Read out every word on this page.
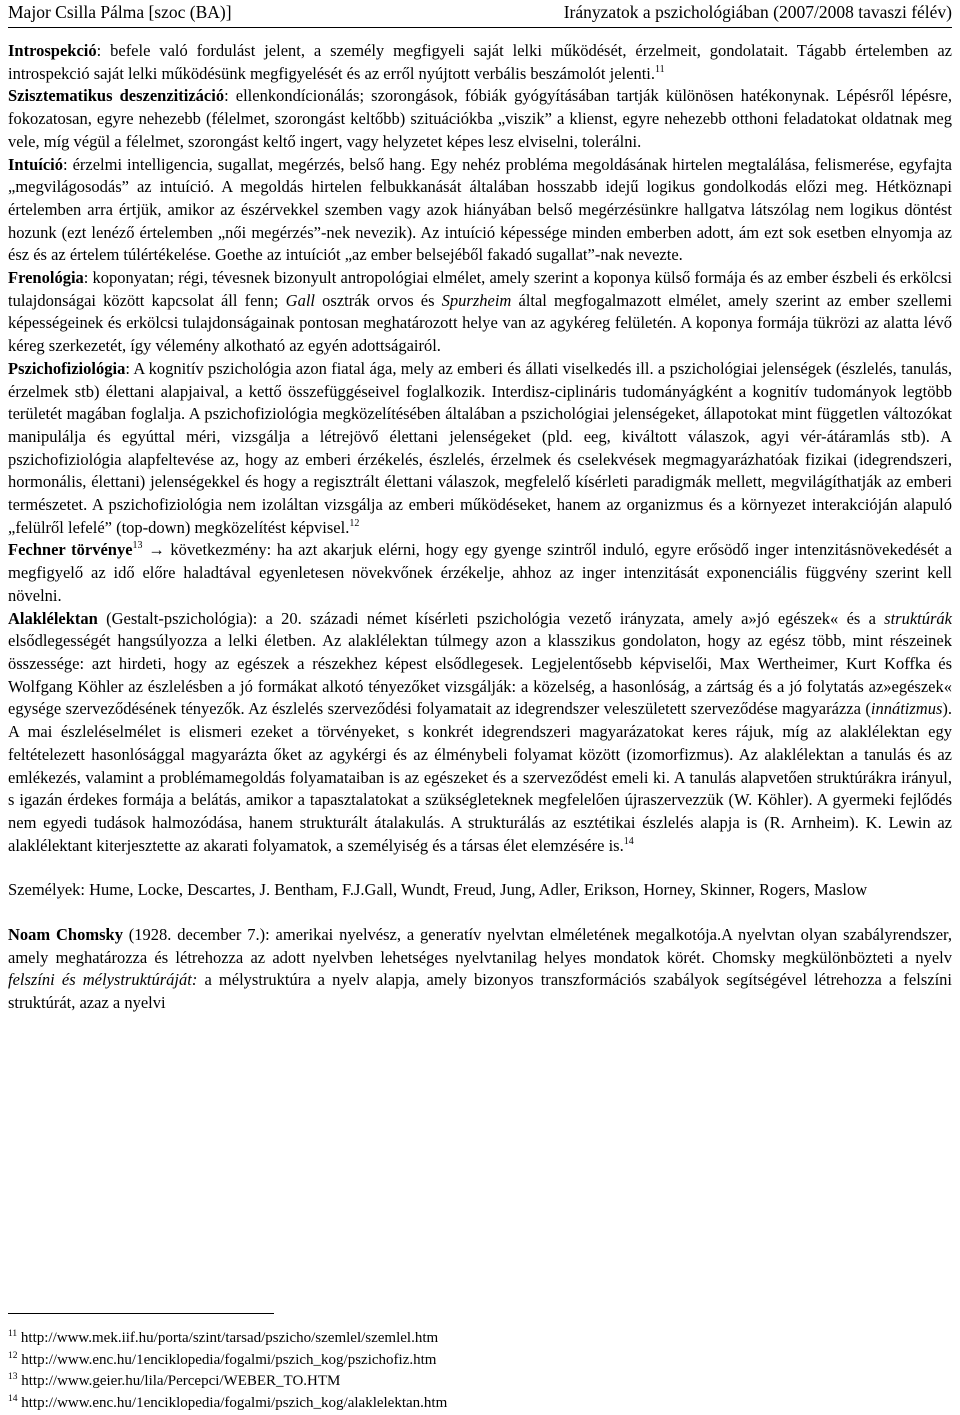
Major Csilla Pálma [szoc (BA)]	Irányzatok a pszichológiában (2007/2008 tavaszi félév)

Introspekció: befele való fordulást jelent, a személy megfigyeli saját lelki működését, érzelmeit, gondolatait. Tágabb értelemben az introspekció saját lelki működésünk megfigyelését és az erről nyújtott verbális beszámolót jelenti.$^{11}$

Szisztematikus deszenzitizáció: ellenkondícionálás; szorongások, fóbiák gyógyításában tartják különösen hatékonynak. Lépésről lépésre, fokozatosan, egyre nehezebb (félelmet, szorongást keltőbb) szituációkba „viszik” a klienst, egyre nehezebb otthoni feladatokat oldatnak meg vele, míg végül a félelmet, szorongást keltő ingert, vagy helyzetet képes lesz elviselni, tolerálni.

Intuíció: érzelmi intelligencia, sugallat, megérzés, belső hang. Egy nehéz probléma megoldásának hirtelen megtalálása, felismerése, egyfajta „megvilágosodás” az intuíció. A megoldás hirtelen felbukkanását általában hosszabb idejű logikus gondolkodás előzi meg. Hétköznapi értelemben arra értjük, amikor az észérvekkel szemben vagy azok hiányában belső megérzésünkre hallgatva látszólag nem logikus döntést hozunk (ezt lenéző értelemben „női megérzés”-nek nevezik). Az intuíció képessége minden emberben adott, ám ezt sok esetben elnyomja az ész és az értelem túlértékelése. Goethe az intuíciót „az ember belsejéből fakadó sugallat”-nak nevezte.

Frenológia: koponyatan; régi, tévesnek bizonyult antropológiai elmélet, amely szerint a koponya külső formája és az ember észbeli és erkölcsi tulajdonságai között kapcsolat áll fenn; Gall osztrák orvos és Spurzheim által megfogalmazott elmélet, amely szerint az ember szellemi képességeinek és erkölcsi tulajdonságainak pontosan meghatározott helye van az agykéreg felületén. A koponya formája tükrözi az alatta lévő kéreg szerkezetét, így vélemény alkotható az egyén adottságairól.

Pszichofiziológia: A kognitív pszichológia azon fiatal ága, mely az emberi és állati viselkedés ill. a pszichológiai jelenségek (észlelés, tanulás, érzelmek stb) élettani alapjaival, a kettő összefüggéseivel foglalkozik. Interdisz-ciplináris tudományágként a kognitív tudományok legtöbb területét magában foglalja. A pszichofiziológia megközelítésében általában a pszichológiai jelenségeket, állapotokat mint független változókat manipulálja és egyúttal méri, vizsgálja a létrejövő élettani jelenségeket (pld. eeg, kiváltott válaszok, agyi vér-átáramlás stb). A pszichofiziológia alapfeltevése az, hogy az emberi érzékelés, észlelés, érzelmek és cselekvések megmagyarázhatóak fizikai (idegrendszeri, hormonális, élettani) jelenségekkel és hogy a regisztrált élettani válaszok, megfelelő kísérleti paradigmák mellett, megvilágíthatják az emberi természetet. A pszichofiziológia nem izoláltan vizsgálja az emberi működéseket, hanem az organizmus és a környezet interakcióján alapuló „felülről lefelé” (top-down) megközelítést képvisel.$^{12}$

Fechner törvénye$^{13}$ → következmény: ha azt akarjuk elérni, hogy egy gyenge szintről induló, egyre erősödő inger intenzitásnövekedését a megfigyelő az idő előre haladtával egyenletesen növekvőnek érzékelje, ahhoz az inger intenzitását exponenciális függvény szerint kell növelni.

Alaklélektan (Gestalt-pszichológia): a 20. századi német kísérleti pszichológia vezető irányzata, amely a»jó egészek« és a struktúrák elsődlegességét hangsúlyozza a lelki életben. Az alaklélektan túlmegy azon a klasszikus gondolaton, hogy az egész több, mint részeinek összessége: azt hirdeti, hogy az egészek a részekhez képest elsődlegesek. Legjelentősebb képviselői, Max Wertheimer, Kurt Koffka és Wolfgang Köhler az észlelésben a jó formákat alkotó tényezőket vizsgálják: a közelség, a hasonlóság, a zártság és a jó folytatás az»egészek« egysége szerveződésének tényezők. Az észlelés szerveződési folyamatait az idegrendszer veleszületett szerveződése magyarázza (innátizmus). A mai észleléselmélet is elismeri ezeket a törvényeket, s konkrét idegrendszeri magyarázatokat keres rájuk, míg az alaklélektan egy feltételezett hasonlósággal magyarázta őket az agykérgi és az élménybeli folyamat között (izomorfizmus). Az alaklélektan a tanulás és az emlékezés, valamint a problémamegoldás folyamataiban is az egészeket és a szerveződést emeli ki. A tanulás alapvetően struktúrákra irányul, s igazán érdekes formája a belátás, amikor a tapasztalatokat a szükségleteknek megfelelően újraszervezzük (W. Köhler). A gyermeki fejlődés nem egyedi tudások halmozódása, hanem strukturált átalakulás. A strukturálás az esztétikai észlelés alapja is (R. Arnheim). K. Lewin az alaklélektant kiterjesztette az akarati folyamatok, a személyiség és a társas élet elemzésére is.$^{14}$

Személyek: Hume, Locke, Descartes, J. Bentham, F.J.Gall, Wundt, Freud, Jung, Adler, Erikson, Horney, Skinner, Rogers, Maslow

Noam Chomsky (1928. december 7.): amerikai nyelvész, a generatív nyelvtan elméletének megalkotója.A nyelvtan olyan szabályrendszer, amely meghatározza és létrehozza az adott nyelvben lehetséges nyelvtanilag helyes mondatok körét. Chomsky megkülönbözteti a nyelv felszíni és mélystruktúráját: a mélystruktúra a nyelv alapja, amely bizonyos transzformációs szabályok segítségével létrehozza a felszíni struktúrát, azaz a nyelvi

$^{11}$ http://www.mek.iif.hu/porta/szint/tarsad/pszicho/szemlel/szemlel.htm
$^{12}$ http://www.enc.hu/1enciklopedia/fogalmi/pszich_kog/pszichofiz.htm
$^{13}$ http://www.geier.hu/lila/Percepci/WEBER_TO.HTM
$^{14}$ http://www.enc.hu/1enciklopedia/fogalmi/pszich_kog/alaklelektan.htm
